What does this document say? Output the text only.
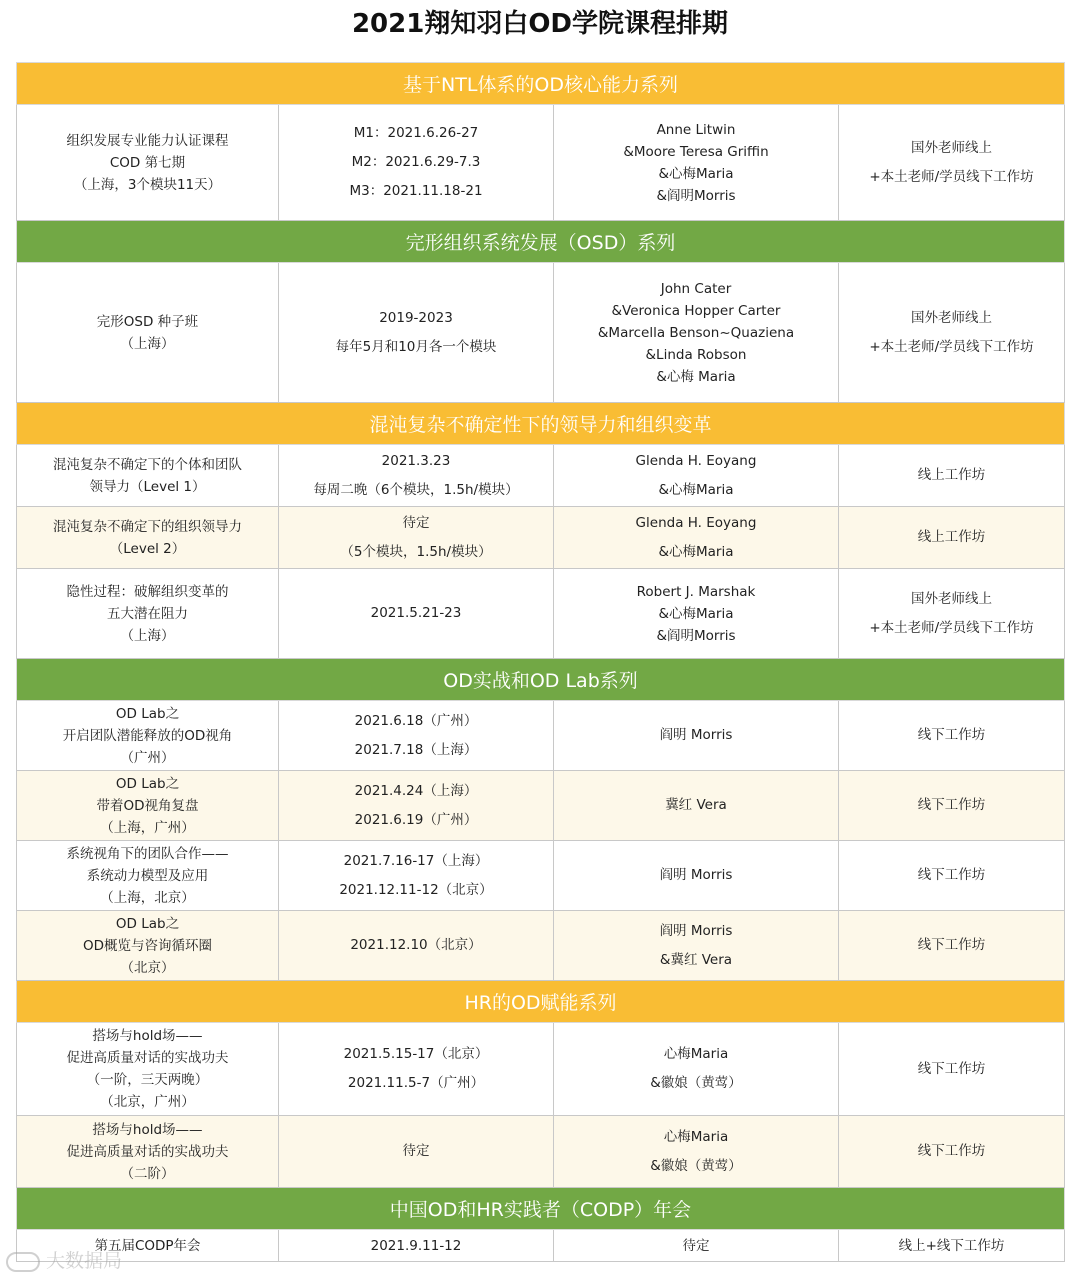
2021翔知羽白OD学院课程排期
基于NTL体系的OD核心能力系列			

组织发展专业能力认证课程
COD 第七期
（上海，3个模块11天）	M1：2021.6.26-27
M2：2021.6.29-7.3
M3：2021.11.18-21	Anne Litwin
&Moore Teresa Griffin
&心梅Maria
&阎明Morris	国外老师线上
+本土老师/学员线下工作坊

完形组织系统发展（OSD）系列			

完形OSD 种子班
（上海）	2019-2023
每年5月和10月各一个模块	John Cater
&Veronica Hopper Carter
&Marcella Benson~Quaziena
&Linda Robson
&心梅 Maria	国外老师线上
+本土老师/学员线下工作坊

混沌复杂不确定性下的领导力和组织变革			

混沌复杂不确定下的个体和团队
领导力（Level 1）	2021.3.23
每周二晚（6个模块，1.5h/模块）	Glenda H. Eoyang
&心梅Maria	线上工作坊

混沌复杂不确定下的组织领导力
（Level 2）	待定
（5个模块，1.5h/模块）	Glenda H. Eoyang
&心梅Maria	线上工作坊

隐性过程：破解组织变革的
五大潜在阻力
（上海）	2021.5.21-23	Robert J. Marshak
&心梅Maria
&阎明Morris	国外老师线上
+本土老师/学员线下工作坊

OD实战和OD Lab系列			

OD Lab之
开启团队潜能释放的OD视角
（广州）	2021.6.18（广州）
2021.7.18（上海）	阎明 Morris	线下工作坊

OD Lab之
带着OD视角复盘
（上海，广州）	2021.4.24（上海）
2021.6.19（广州）	冀红 Vera	线下工作坊

系统视角下的团队合作——
系统动力模型及应用
（上海，北京）	2021.7.16-17（上海）
2021.12.11-12（北京）	阎明 Morris	线下工作坊

OD Lab之
OD概览与咨询循环圈
（北京）	2021.12.10（北京）	阎明 Morris
&冀红 Vera	线下工作坊

HR的OD赋能系列			

搭场与hold场——
促进高质量对话的实战功夫
（一阶，三天两晚）
（北京，广州）	2021.5.15-17（北京）
2021.11.5-7（广州）	心梅Maria
&徽娘（黄莺）	线下工作坊

搭场与hold场——
促进高质量对话的实战功夫
（二阶）	待定	心梅Maria
&徽娘（黄莺）	线下工作坊

中国OD和HR实践者（CODP）年会			

第五届CODP年会	2021.9.11-12	待定	线上+线下工作坊
大数据局
